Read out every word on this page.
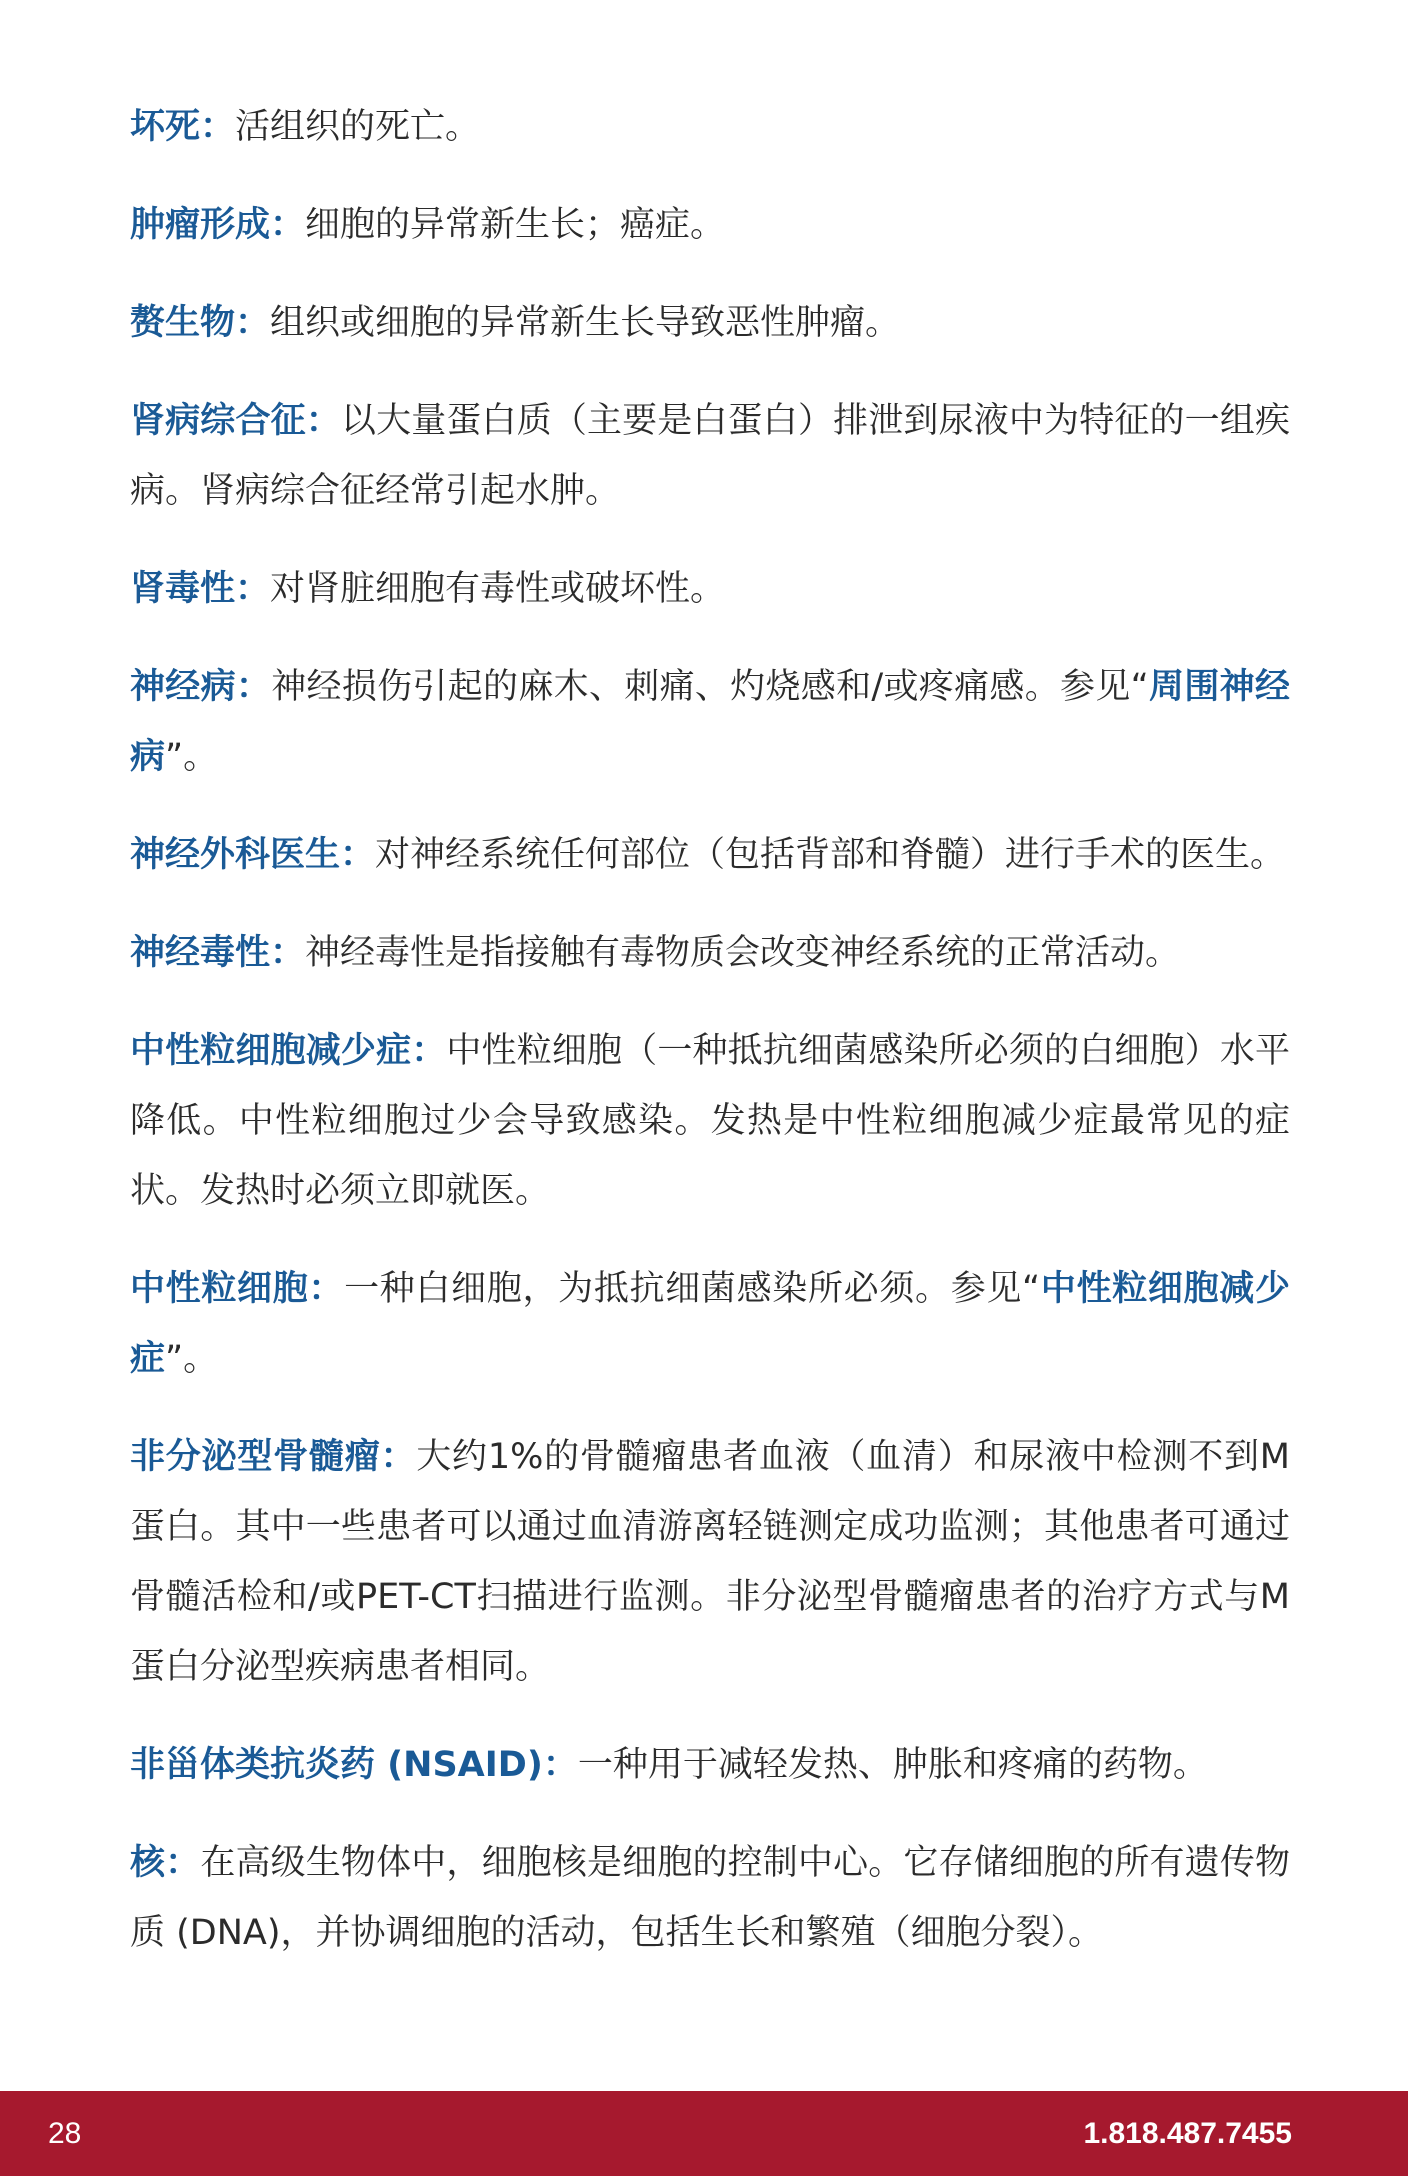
坏死：活组织的死亡。

肿瘤形成：细胞的异常新生长；癌症。

赘生物：组织或细胞的异常新生长导致恶性肿瘤。

肾病综合征：以大量蛋白质（主要是白蛋白）排泄到尿液中为特征的一组疾病。肾病综合征经常引起水肿。

肾毒性：对肾脏细胞有毒性或破坏性。

神经病：神经损伤引起的麻木、刺痛、灼烧感和/或疼痛感。参见“周围神经病”。

神经外科医生：对神经系统任何部位（包括背部和脊髓）进行手术的医生。

神经毒性：神经毒性是指接触有毒物质会改变神经系统的正常活动。

中性粒细胞减少症：中性粒细胞（一种抵抗细菌感染所必须的白细胞）水平降低。中性粒细胞过少会导致感染。发热是中性粒细胞减少症最常见的症状。发热时必须立即就医。

中性粒细胞：一种白细胞，为抵抗细菌感染所必须。参见“中性粒细胞减少症”。

非分泌型骨髓瘤：大约1%的骨髓瘤患者血液（血清）和尿液中检测不到M蛋白。其中一些患者可以通过血清游离轻链测定成功监测；其他患者可通过骨髓活检和/或PET-CT扫描进行监测。非分泌型骨髓瘤患者的治疗方式与M蛋白分泌型疾病患者相同。

非甾体类抗炎药 (NSAID)：一种用于减轻发热、肿胀和疼痛的药物。

核：在高级生物体中，细胞核是细胞的控制中心。它存储细胞的所有遗传物质 (DNA)，并协调细胞的活动，包括生长和繁殖（细胞分裂）。

28	1.818.487.7455
